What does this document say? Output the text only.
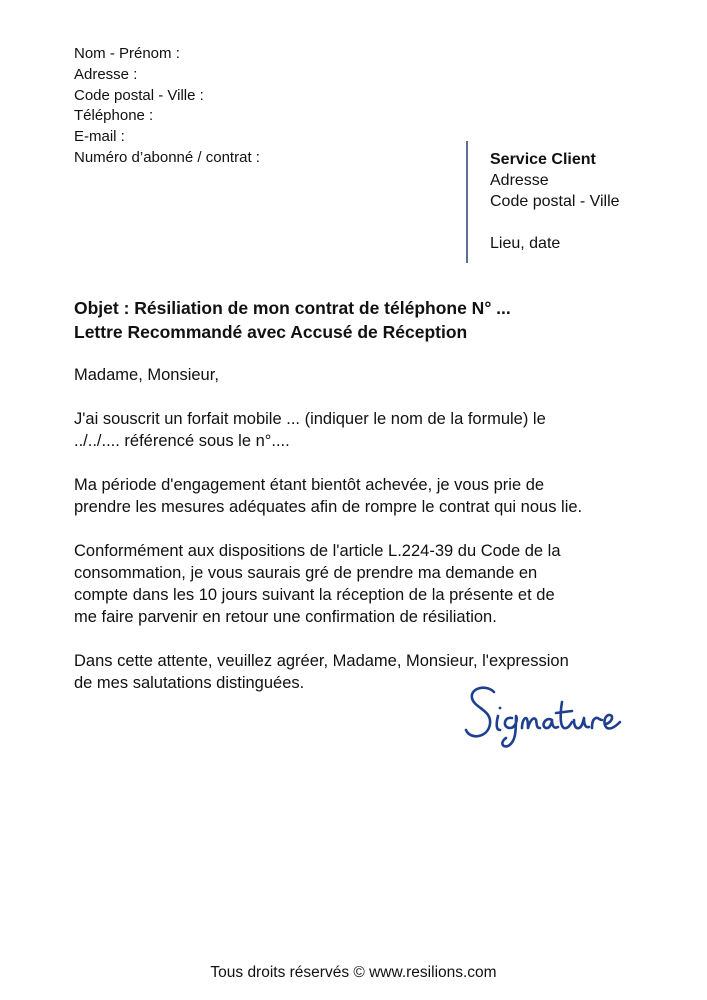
Nom - Prénom :
Adresse :
Code postal - Ville :
Téléphone :
E-mail :
Numéro d’abonné / contrat :	Service Client
Adresse
Code postal - Ville
Lieu, date
Objet : Résiliation de mon contrat de téléphone N° ...
Lettre Recommandé avec Accusé de Réception

Madame, Monsieur,

J'ai souscrit un forfait mobile ... (indiquer le nom de la formule) le
../../.... référencé sous le n°....

Ma période d'engagement étant bientôt achevée, je vous prie de
prendre les mesures adéquates afin de rompre le contrat qui nous lie.

Conformément aux dispositions de l'article L.224-39 du Code de la
consommation, je vous saurais gré de prendre ma demande en
compte dans les 10 jours suivant la réception de la présente et de
me faire parvenir en retour une confirmation de résiliation.

Dans cette attente, veuillez agréer, Madame, Monsieur, l'expression
de mes salutations distinguées.	Signature
Tous droits réservés © www.resilions.com
